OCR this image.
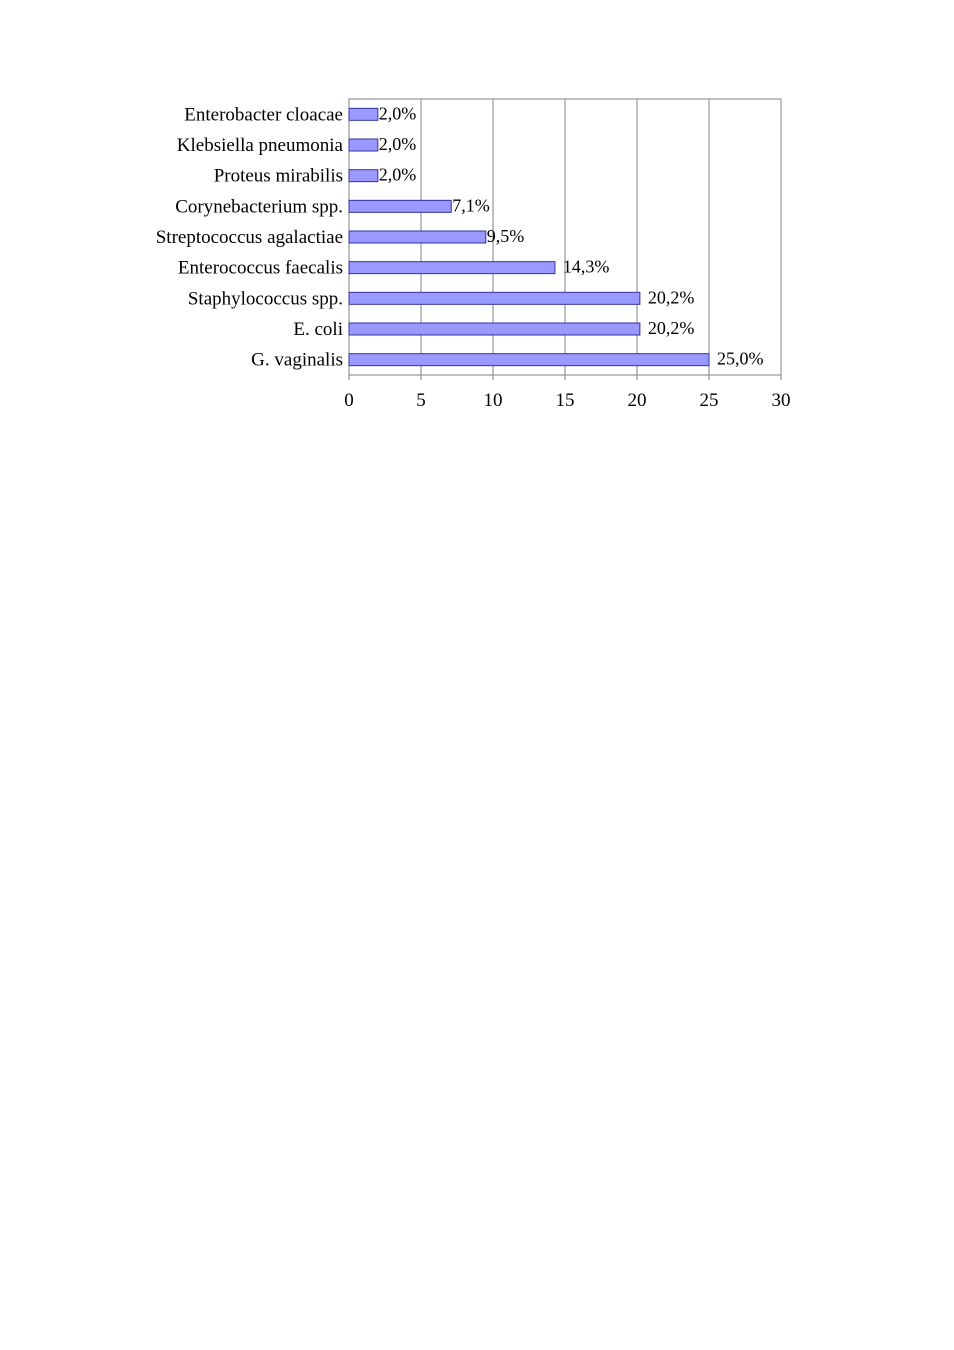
0	5	10	15	20	25	30
Enterobacter cloacae
Klebsiella pneumonia
Proteus mirabilis
Corynebacterium spp.
Streptococcus agalactiae
Enterococcus faecalis
Staphylococcus spp.
E. coli
G. vaginalis
2,0%
2,0%
2,0%
7,1%
9,5%
14,3%
20,2%
20,2%
25,0%
